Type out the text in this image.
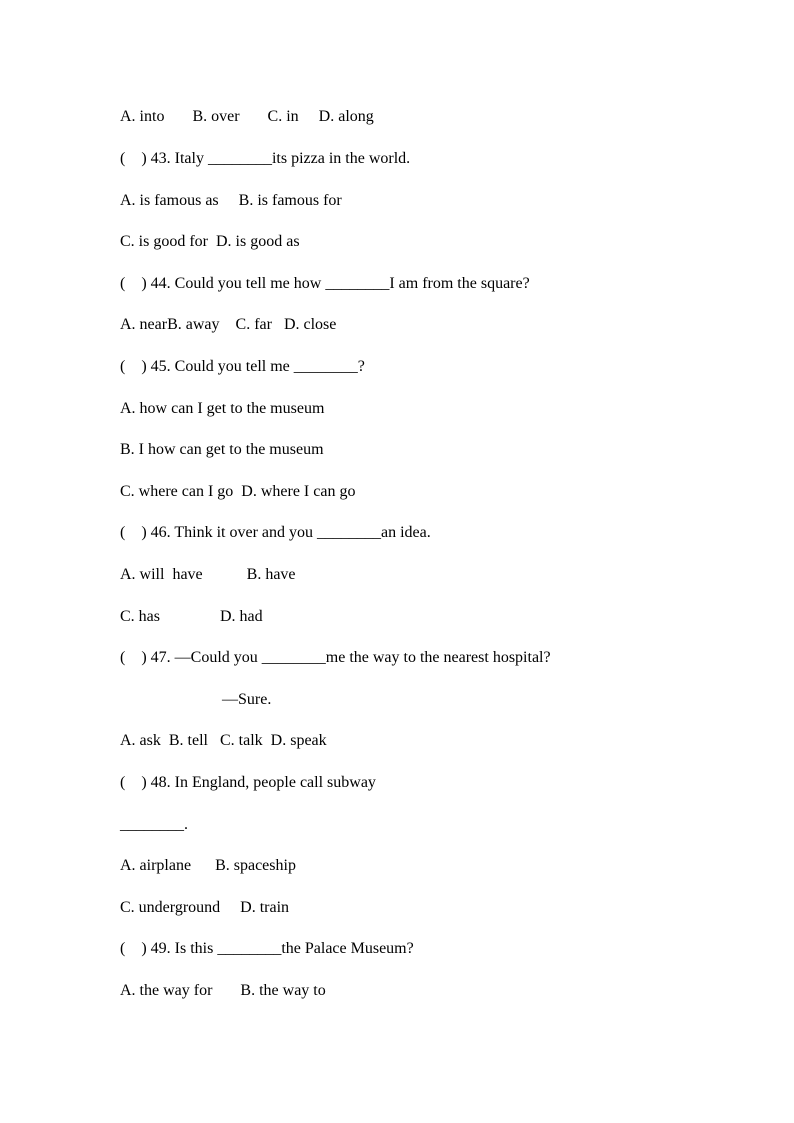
A. into       B. over       C. in     D. along
(    ) 43. Italy ________its pizza in the world.
A. is famous as     B. is famous for
C. is good for  D. is good as
(    ) 44. Could you tell me how ________I am from the square?
A. nearB. away    C. far   D. close
(    ) 45. Could you tell me ________?
A. how can I get to the museum
B. I how can get to the museum
C. where can I go  D. where I can go
(    ) 46. Think it over and you ________an idea.
A. will  have           B. have
C. has               D. had
(    ) 47. —Could you ________me the way to the nearest hospital?
—Sure.
A. ask  B. tell   C. talk  D. speak
(    ) 48. In England, people call subway
________.
A. airplane      B. spaceship
C. underground     D. train
(    ) 49. Is this ________the Palace Museum?
A. the way for       B. the way to
